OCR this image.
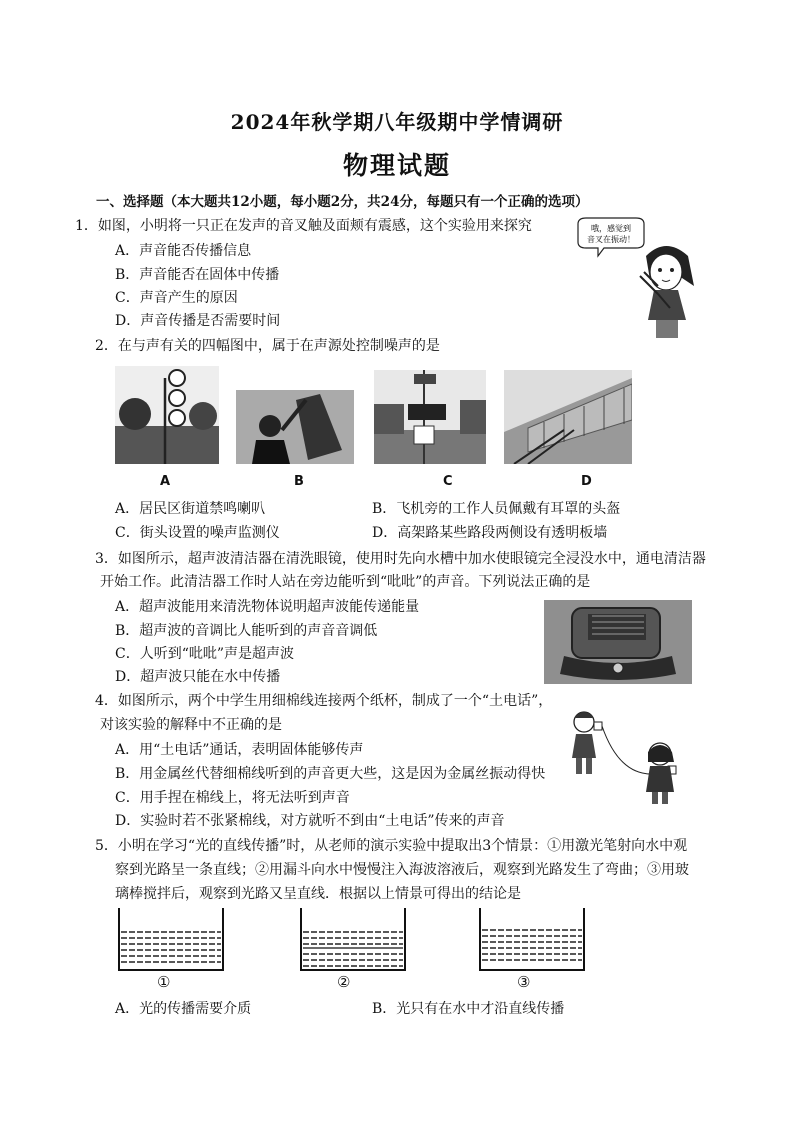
2024年秋学期八年级期中学情调研
物理试题
一、选择题（本大题共12小题，每小题2分，共24分，每题只有一个正确的选项）
1．如图，小明将一只正在发声的音叉触及面颊有震感，这个实验用来探究
A．声音能否传播信息
B．声音能否在固体中传播
C．声音产生的原因
D．声音传播是否需要时间
哦，感觉到
音叉在振动！
2．在与声有关的四幅图中，属于在声源处控制噪声的是
A	B	C	D
A．居民区街道禁鸣喇叭	B．飞机旁的工作人员佩戴有耳罩的头盔
C．街头设置的噪声监测仪	D．高架路某些路段两侧设有透明板墙
3．如图所示，超声波清洁器在清洗眼镜，使用时先向水槽中加水使眼镜完全浸没水中，通电清洁器
开始工作。此清洁器工作时人站在旁边能听到“吡吡”的声音。下列说法正确的是
A．超声波能用来清洗物体说明超声波能传递能量
B．超声波的音调比人能听到的声音音调低
C．人听到“吡吡”声是超声波
D．超声波只能在水中传播
4．如图所示，两个中学生用细棉线连接两个纸杯，制成了一个“土电话”，
对该实验的解释中不正确的是
A．用“土电话”通话，表明固体能够传声
B．用金属丝代替细棉线听到的声音更大些，这是因为金属丝振动得快
C．用手捏在棉线上，将无法听到声音
D．实验时若不张紧棉线，对方就听不到由“土电话”传来的声音
5．小明在学习“光的直线传播”时，从老师的演示实验中提取出3个情景：①用激光笔射向水中观
察到光路呈一条直线；②用漏斗向水中慢慢注入海波溶液后，观察到光路发生了弯曲；③用玻
璃棒搅拌后，观察到光路又呈直线．根据以上情景可得出的结论是
①	②	③
A．光的传播需要介质	B．光只有在水中才沿直线传播
